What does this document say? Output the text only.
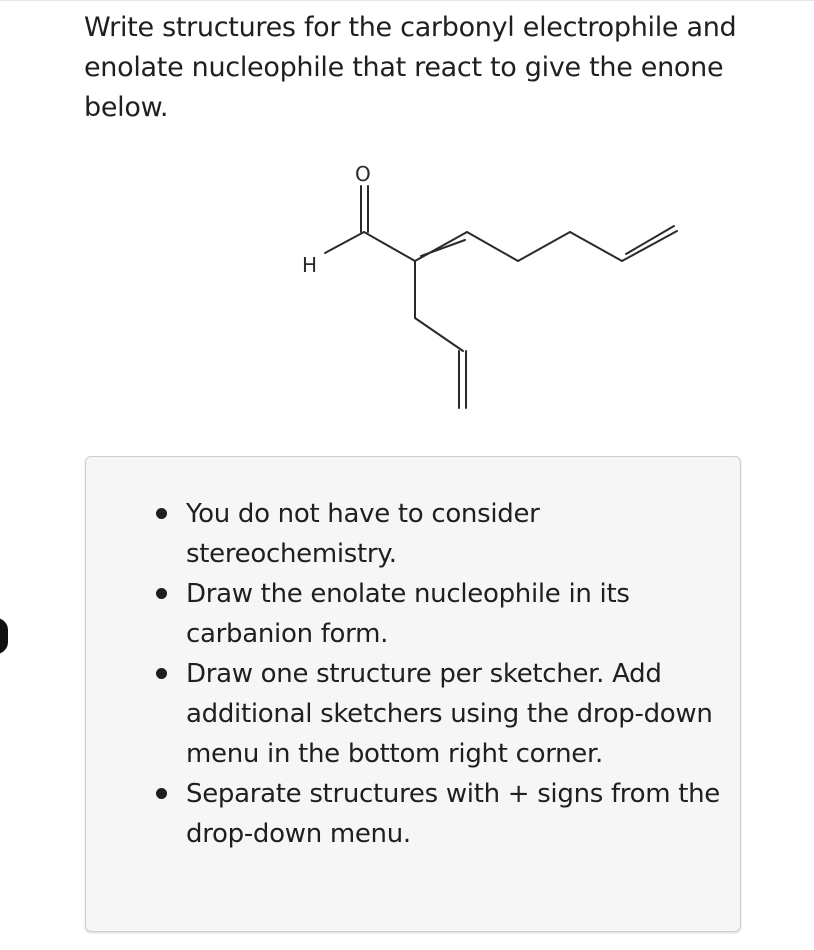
Write structures for the carbonyl electrophile and enolate nucleophile that react to give the enone below.

O
H
You do not have to consider stereochemistry.
Draw the enolate nucleophile in its carbanion form.
Draw one structure per sketcher. Add additional sketchers using the drop-down menu in the bottom right corner.
Separate structures with + signs from the drop-down menu.
